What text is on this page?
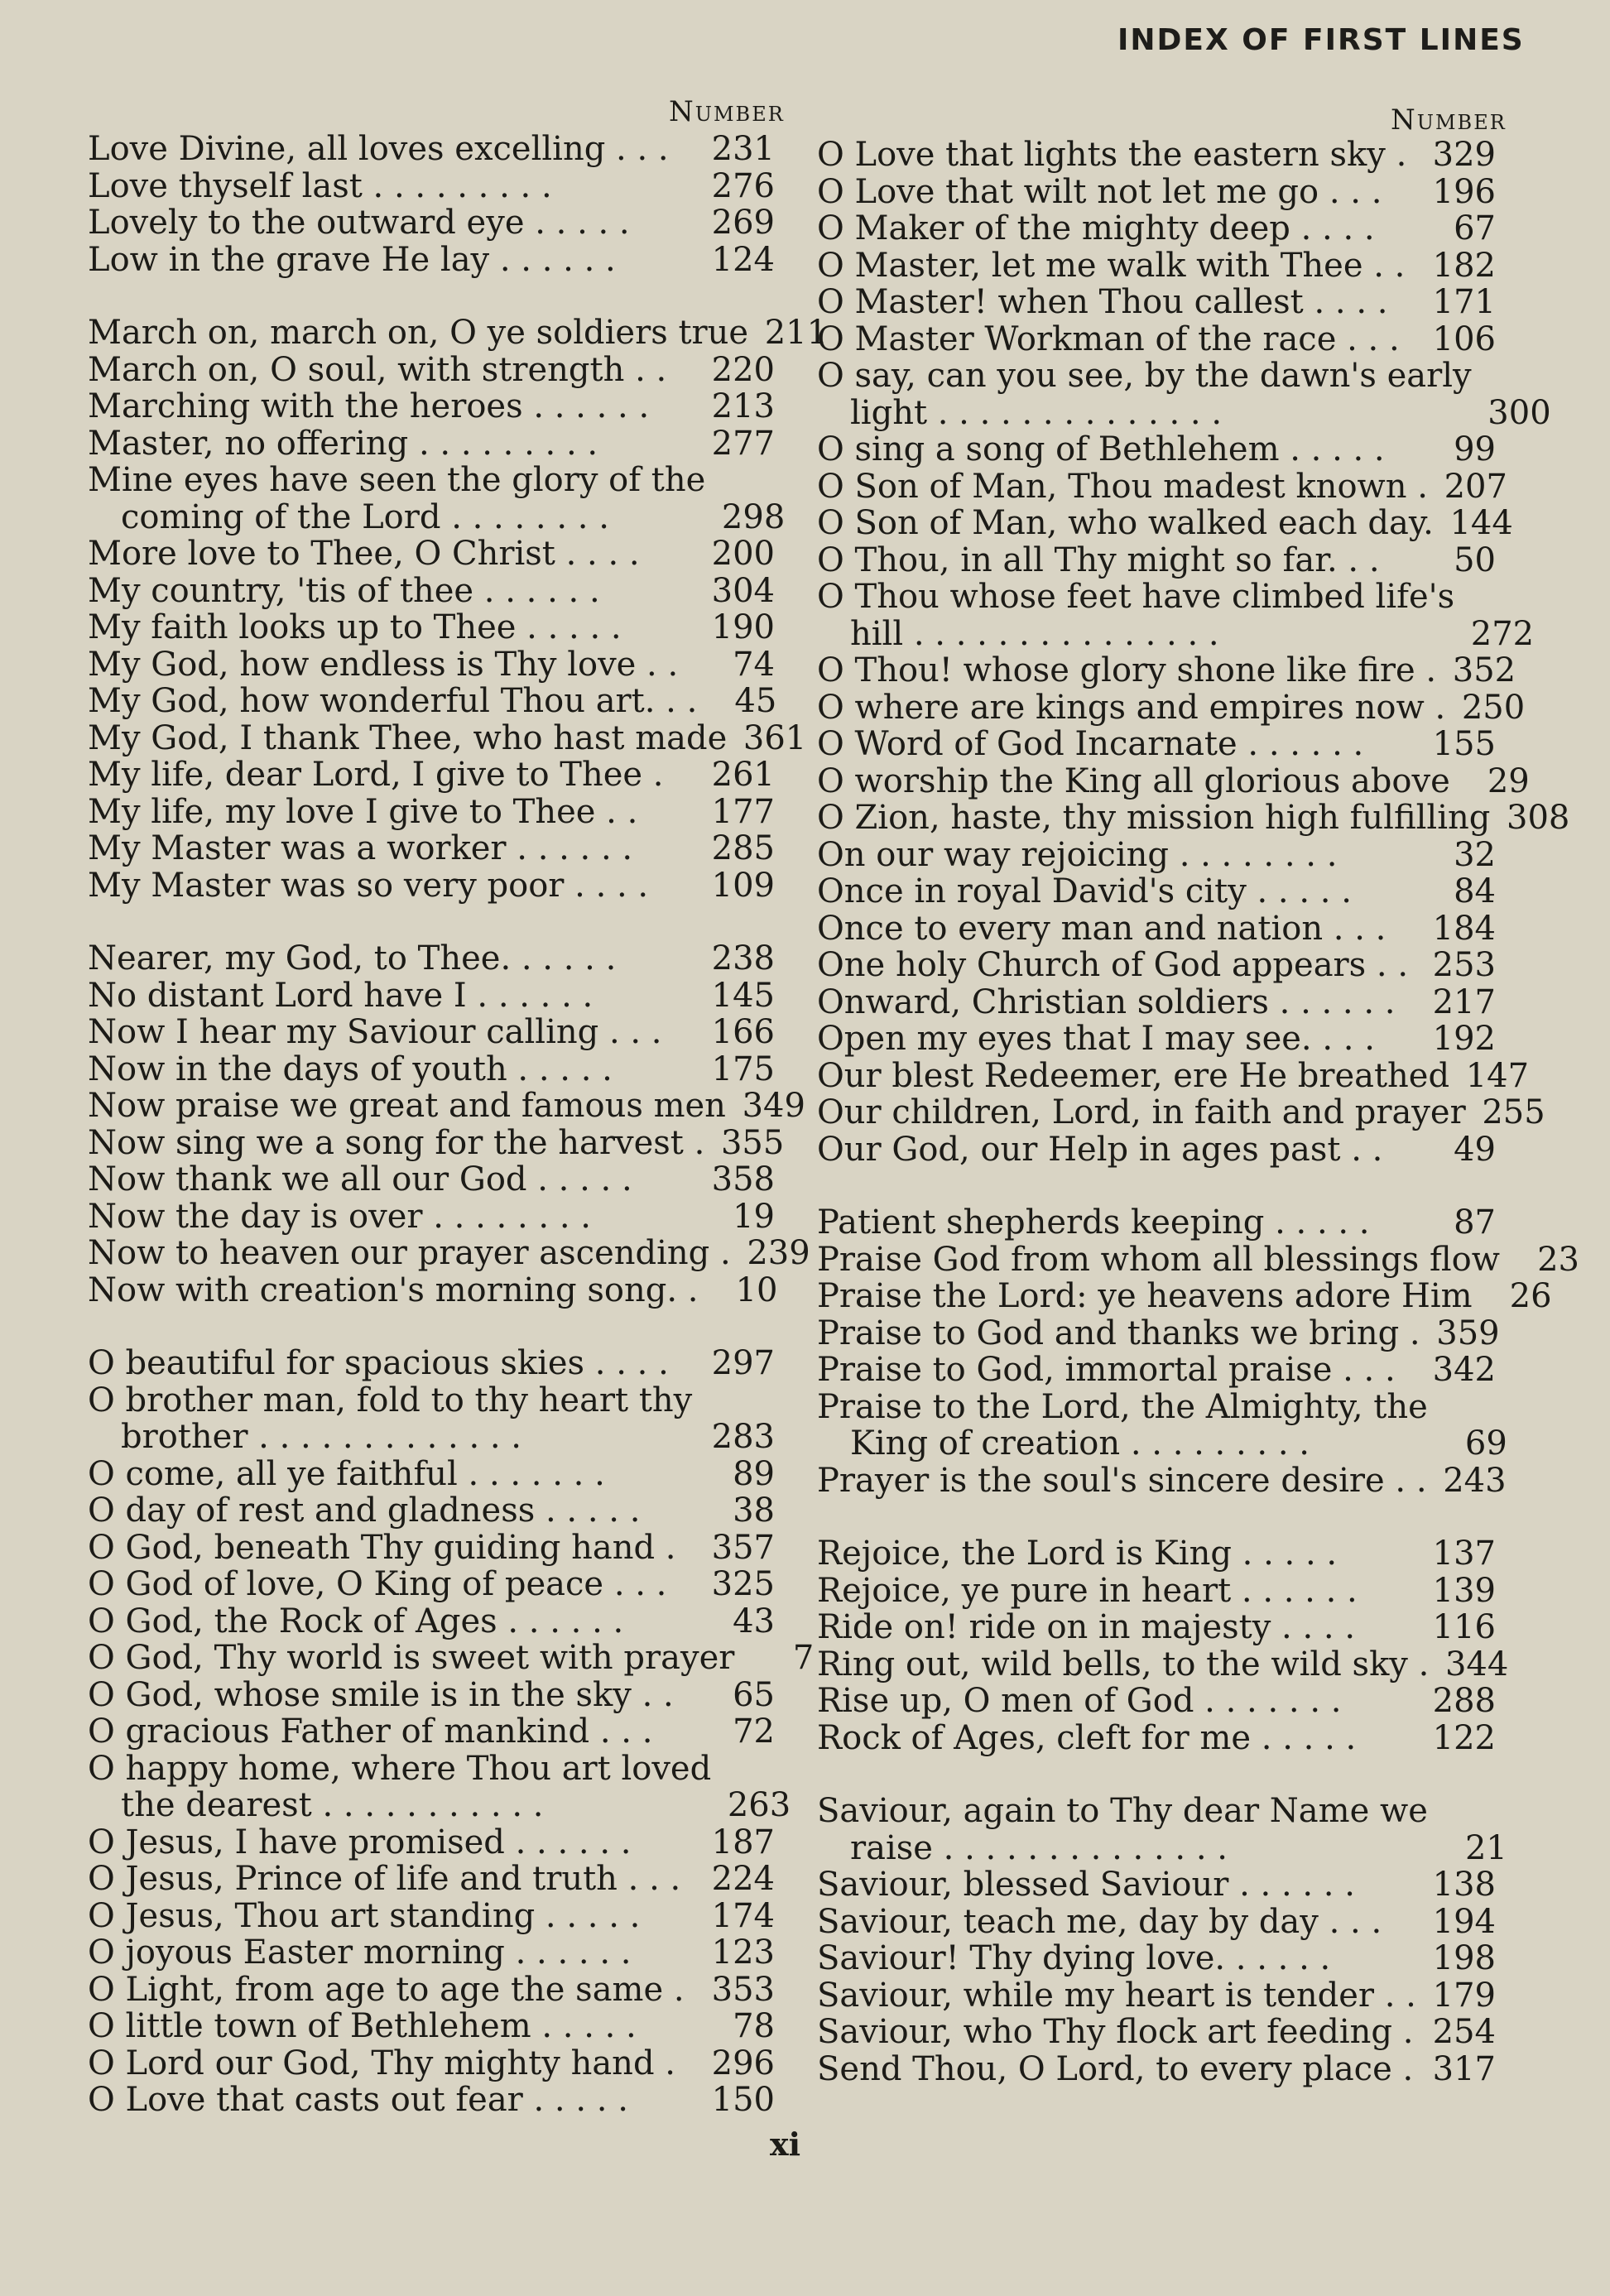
INDEX OF FIRST LINES
Number	Number
Love Divine, all loves excelling . . .	231
Love thyself last . . . . . . . . .	276
Lovely to the outward eye . . . . .	269
Low in the grave He lay . . . . . .	124
March on, march on, O ye soldiers true 211
March on, O soul, with strength . .	220
Marching with the heroes . . . . . .	213
Master, no offering . . . . . . . . .	277
Mine eyes have seen the glory of the
coming of the Lord . . . . . . . .	298
More love to Thee, O Christ . . . .	200
My country, 'tis of thee . . . . . .	304
My faith looks up to Thee . . . . .	190
My God, how endless is Thy love . .	74
My God, how wonderful Thou art. . .	45
My God, I thank Thee, who hast made 361
My life, dear Lord, I give to Thee .	261
My life, my love I give to Thee . .	177
My Master was a worker . . . . . .	285
My Master was so very poor . . . .	109
Nearer, my God, to Thee. . . . . .	238
No distant Lord have I . . . . . .	145
Now I hear my Saviour calling . . .	166
Now in the days of youth . . . . .	175
Now praise we great and famous men 349
Now sing we a song for the harvest . 355
Now thank we all our God . . . . .	358
Now the day is over . . . . . . . .	19
Now to heaven our prayer ascending . 239
Now with creation's morning song. .	10
O beautiful for spacious skies . . . .	297
O brother man, fold to thy heart thy
brother . . . . . . . . . . . . .	283
O come, all ye faithful . . . . . . .	89
O day of rest and gladness . . . . .	38
O God, beneath Thy guiding hand .	357
O God of love, O King of peace . . .	325
O God, the Rock of Ages . . . . . .	43
O God, Thy world is sweet with prayer	7
O God, whose smile is in the sky . .	65
O gracious Father of mankind . . .	72
O happy home, where Thou art loved
the dearest . . . . . . . . . . .	263
O Jesus, I have promised . . . . . .	187
O Jesus, Prince of life and truth . . . 224
O Jesus, Thou art standing . . . . .	174
O joyous Easter morning . . . . . .	123
O Light, from age to age the same . 353
O little town of Bethlehem . . . . .	78
O Lord our God, Thy mighty hand .	296
O Love that casts out fear . . . . .	150
O Love that lights the eastern sky . 329
O Love that wilt not let me go . . .	196
O Maker of the mighty deep . . . .	67
O Master, let me walk with Thee . . 182
O Master! when Thou callest . . . .	171
O Master Workman of the race . . . 106
O say, can you see, by the dawn's early
light . . . . . . . . . . . . . .	300
O sing a song of Bethlehem . . . . .	99
O Son of Man, Thou madest known . 207
O Son of Man, who walked each day. 144
O Thou, in all Thy might so far. . .	50
O Thou whose feet have climbed life's
hill . . . . . . . . . . . . . . .	272
O Thou! whose glory shone like fire . 352
O where are kings and empires now . 250
O Word of God Incarnate . . . . . .	155
O worship the King all glorious above	29
O Zion, haste, thy mission high fulfilling 308
On our way rejoicing . . . . . . . .	32
Once in royal David's city . . . . .	84
Once to every man and nation . . .	184
One holy Church of God appears . . 253
Onward, Christian soldiers . . . . . .	217
Open my eyes that I may see. . . .	192
Our blest Redeemer, ere He breathed 147
Our children, Lord, in faith and prayer 255
Our God, our Help in ages past . .	49
Patient shepherds keeping . . . . .	87
Praise God from whom all blessings flow	23
Praise the Lord: ye heavens adore Him	26
Praise to God and thanks we bring . 359
Praise to God, immortal praise . . .	342
Praise to the Lord, the Almighty, the
King of creation . . . . . . . . .	69
Prayer is the soul's sincere desire . . 243
Rejoice, the Lord is King . . . . .	137
Rejoice, ye pure in heart . . . . . .	139
Ride on! ride on in majesty . . . .	116
Ring out, wild bells, to the wild sky . 344
Rise up, O men of God . . . . . . .	288
Rock of Ages, cleft for me . . . . .	122
Saviour, again to Thy dear Name we
raise . . . . . . . . . . . . . .	21
Saviour, blessed Saviour . . . . . .	138
Saviour, teach me, day by day . . .	194
Saviour! Thy dying love. . . . . .	198
Saviour, while my heart is tender . . 179
Saviour, who Thy flock art feeding . 254
Send Thou, O Lord, to every place . 317
xi
